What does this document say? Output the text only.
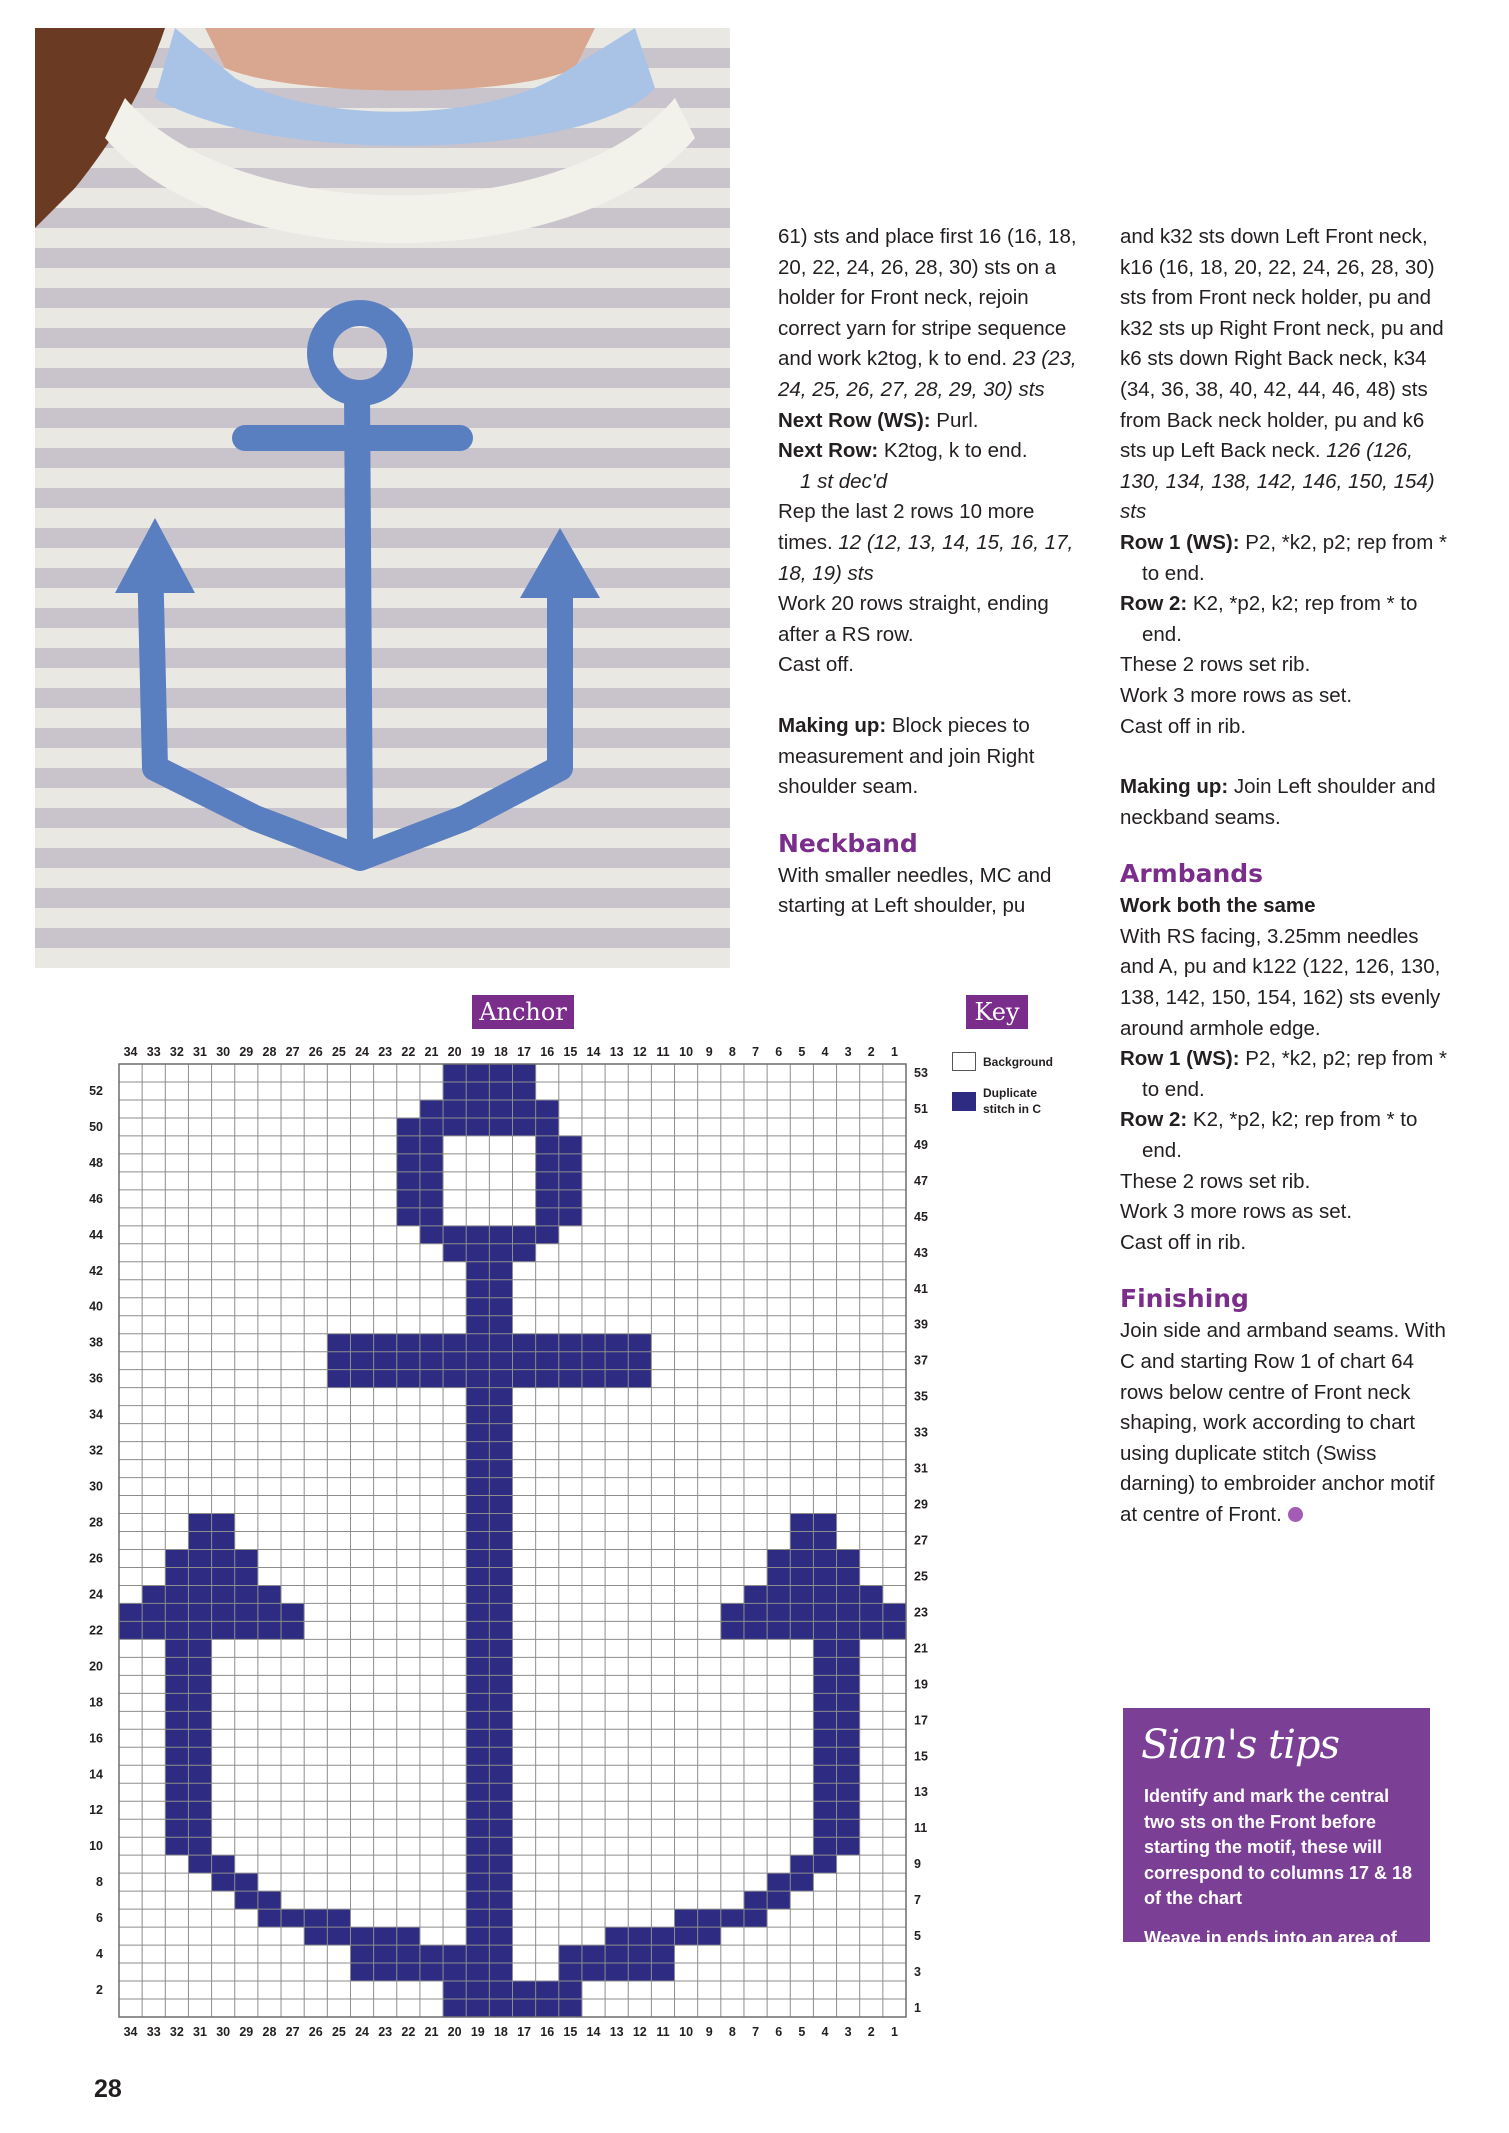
61) sts and place first 16 (16, 18, 20, 22, 24, 26, 28, 30) sts on a holder for Front neck, rejoin correct yarn for stripe sequence and work k2tog, k to end. 23 (23, 24, 25, 26, 27, 28, 29, 30) sts

Next Row (WS): Purl.

Next Row: K2tog, k to end.

1 st dec'd

Rep the last 2 rows 10 more times. 12 (12, 13, 14, 15, 16, 17, 18, 19) sts

Work 20 rows straight, ending after a RS row.

Cast off.

Making up: Block pieces to measurement and join Right shoulder seam.

Neckband

With smaller needles, MC and starting at Left shoulder, pu

and k32 sts down Left Front neck, k16 (16, 18, 20, 22, 24, 26, 28, 30) sts from Front neck holder, pu and k32 sts up Right Front neck, pu and k6 sts down Right Back neck, k34 (34, 36, 38, 40, 42, 44, 46, 48) sts from Back neck holder, pu and k6 sts up Left Back neck. 126 (126, 130, 134, 138, 142, 146, 150, 154) sts

Row 1 (WS): P2, *k2, p2; rep from * to end.

Row 2: K2, *p2, k2; rep from * to end.

These 2 rows set rib.

Work 3 more rows as set.

Cast off in rib.

Making up: Join Left shoulder and neckband seams.

Armbands

Work both the same

With RS facing, 3.25mm needles and A, pu and k122 (122, 126, 130, 138, 142, 150, 154, 162) sts evenly around armhole edge.

Row 1 (WS): P2, *k2, p2; rep from * to end.

Row 2: K2, *p2, k2; rep from * to end.

These 2 rows set rib.

Work 3 more rows as set.

Cast off in rib.

Finishing

Join side and armband seams. With C and starting Row 1 of chart 64 rows below centre of Front neck shaping, work according to chart using duplicate stitch (Swiss darning) to embroider anchor motif at centre of Front.

Anchor	Key
Background
Duplicate stitch in C
1
1
2
2
3
3
4
4
5
5
6
6
7
7
8
8
9
9
10
10
11
11
12
12
13
13
14
14
15
15
16
16
17
17
18
18
19
19
20
20
21
21
22
22
23
23
24
24
25
25
26
26
27
27
28
28
29
29
30
30
31
31
32
32
33
33
34
34
1
2
3
4
5
6
7
8
9
10
11
12
13
14
15
16
17
18
19
20
21
22
23
24
25
26
27
28
29
30
31
32
33
34
35
36
37
38
39
40
41
42
43
44
45
46
47
48
49
50
51
52
53
Sian's tips

Identify and mark the central two sts on the Front before starting the motif, these will correspond to columns 17 & 18 of the chart

Weave in ends into an area of the same colour to avoid show-through

28
